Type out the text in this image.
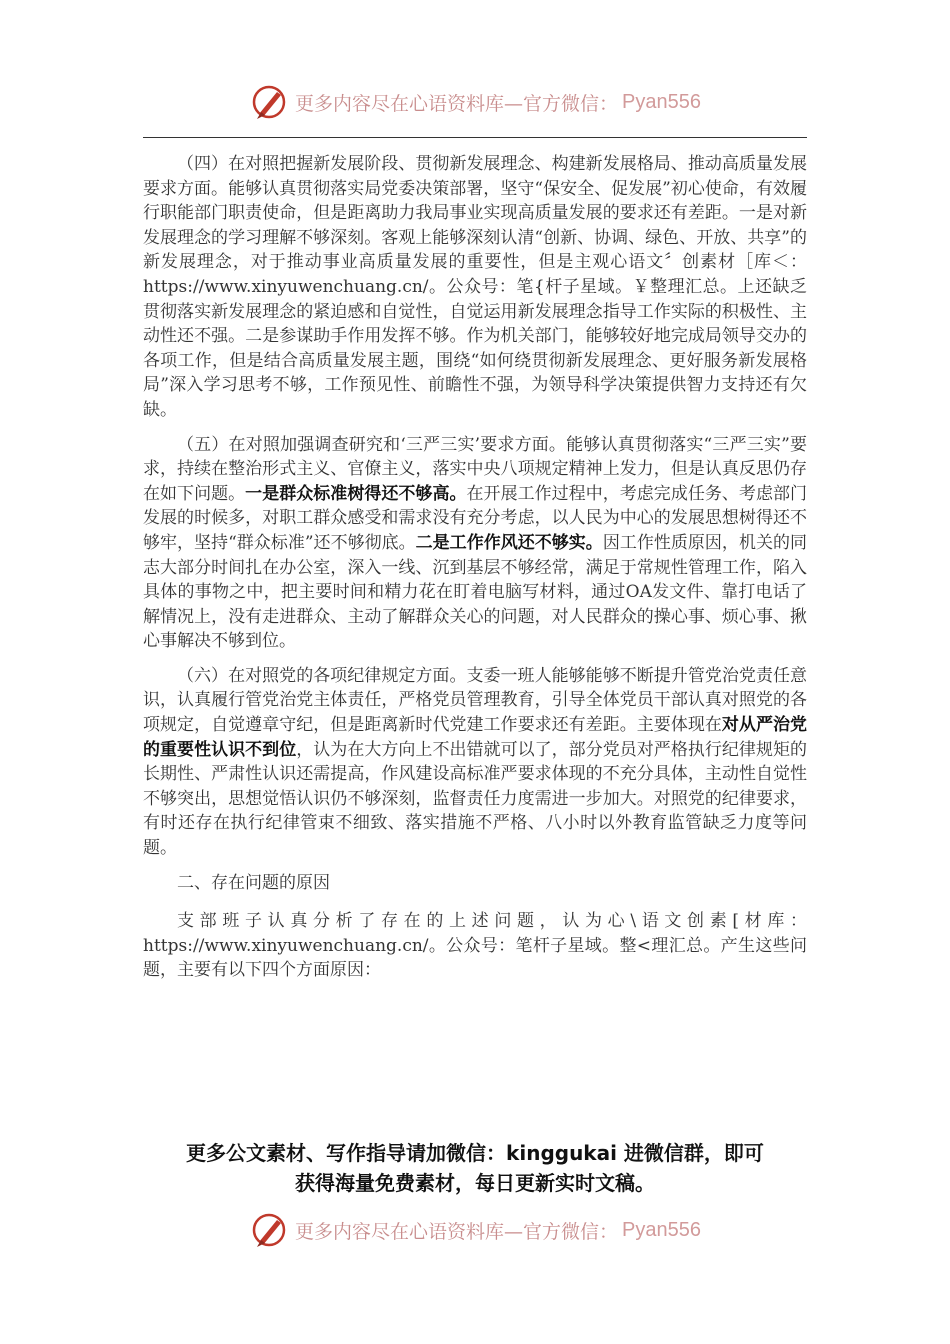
更多内容尽在心语资料库—官方微信： Pyan556

（四）在对照把握新发展阶段、贯彻新发展理念、构建新发展格局、推动高质量发展要求方面。能够认真贯彻落实局党委决策部署，坚守“保安全、促发展”初心使命，有效履行职能部门职责使命，但是距离助力我局事业实现高质量发展的要求还有差距。一是对新发展理念的学习理解不够深刻。客观上能够深刻认清“创新、协调、绿色、开放、共享”的新发展理念，对于推动事业高质量发展的重要性，但是主观心语文〞创素材［库＜：https://www.xinyuwenchuang.cn/。公众号：笔{杆子星域。￥整理汇总。上还缺乏贯彻落实新发展理念的紧迫感和自觉性，自觉运用新发展理念指导工作实际的积极性、主动性还不强。二是参谋助手作用发挥不够。作为机关部门，能够较好地完成局领导交办的各项工作，但是结合高质量发展主题，围绕“如何绕贯彻新发展理念、更好服务新发展格局”深入学习思考不够，工作预见性、前瞻性不强，为领导科学决策提供智力支持还有欠缺。

（五）在对照加强调查研究和‘三严三实’要求方面。能够认真贯彻落实“三严三实”要求，持续在整治形式主义、官僚主义，落实中央八项规定精神上发力，但是认真反思仍存在如下问题。一是群众标准树得还不够高。在开展工作过程中，考虑完成任务、考虑部门发展的时候多，对职工群众感受和需求没有充分考虑，以人民为中心的发展思想树得还不够牢，坚持“群众标准”还不够彻底。二是工作作风还不够实。因工作性质原因，机关的同志大部分时间扎在办公室，深入一线、沉到基层不够经常，满足于常规性管理工作，陷入具体的事物之中，把主要时间和精力花在盯着电脑写材料，通过OA发文件、靠打电话了解情况上，没有走进群众、主动了解群众关心的问题，对人民群众的操心事、烦心事、揪心事解决不够到位。

（六）在对照党的各项纪律规定方面。支委一班人能够能够不断提升管党治党责任意识，认真履行管党治党主体责任，严格党员管理教育，引导全体党员干部认真对照党的各项规定，自觉遵章守纪，但是距离新时代党建工作要求还有差距。主要体现在对从严治党的重要性认识不到位，认为在大方向上不出错就可以了，部分党员对严格执行纪律规矩的长期性、严肃性认识还需提高，作风建设高标准严要求体现的不充分具体，主动性自觉性不够突出，思想觉悟认识仍不够深刻，监督责任力度需进一步加大。对照党的纪律要求，有时还存在执行纪律管束不细致、落实措施不严格、八小时以外教育监管缺乏力度等问题。

二、存在问题的原因

支部班子认真分析了存在的上述问题，认为心\语文创素[材库：https://www.xinyuwenchuang.cn/。公众号：笔杆子星域。整<理汇总。产生这些问题，主要有以下四个方面原因：

更多公文素材、写作指导请加微信：kinggukai 进微信群，即可
获得海量免费素材，每日更新实时文稿。
更多内容尽在心语资料库—官方微信： Pyan556
